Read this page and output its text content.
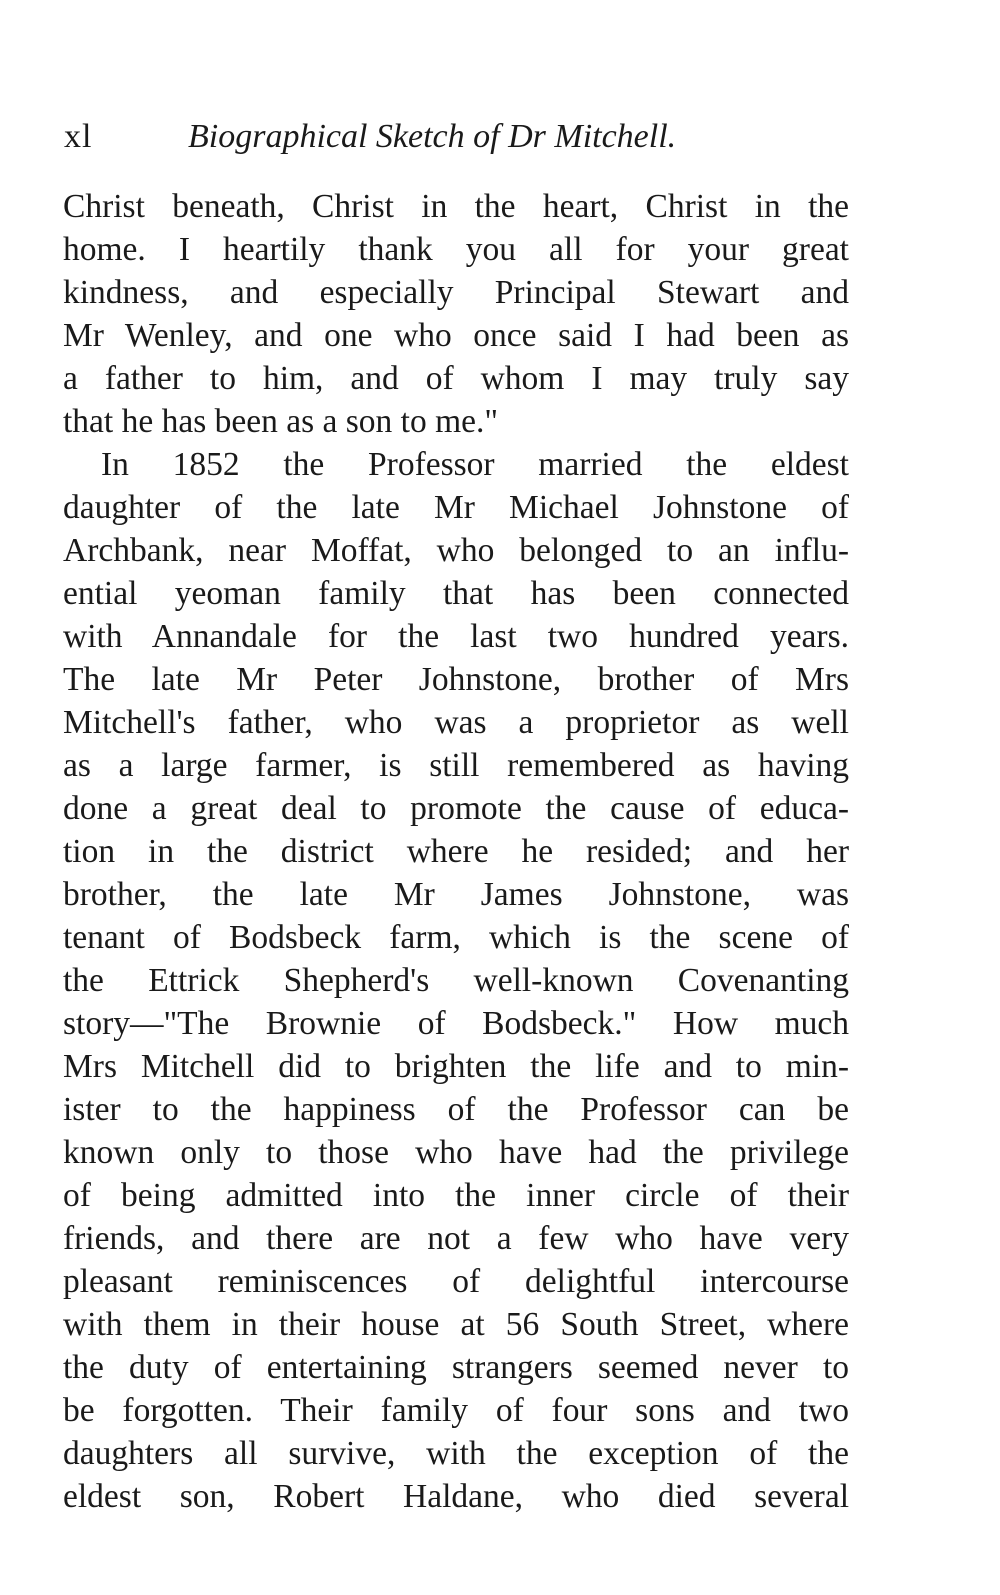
xl	Biographical Sketch of Dr Mitchell.
Christ beneath, Christ in the heart, Christ in the
home. I heartily thank you all for your great
kindness, and especially Principal Stewart and
Mr Wenley, and one who once said I had been as
a father to him, and of whom I may truly say
that he has been as a son to me."
In 1852 the Professor married the eldest
daughter of the late Mr Michael Johnstone of
Archbank, near Moffat, who belonged to an influ-
ential yeoman family that has been connected
with Annandale for the last two hundred years.
The late Mr Peter Johnstone, brother of Mrs
Mitchell's father, who was a proprietor as well
as a large farmer, is still remembered as having
done a great deal to promote the cause of educa-
tion in the district where he resided; and her
brother, the late Mr James Johnstone, was
tenant of Bodsbeck farm, which is the scene of
the Ettrick Shepherd's well-known Covenanting
story—"The Brownie of Bodsbeck." How much
Mrs Mitchell did to brighten the life and to min-
ister to the happiness of the Professor can be
known only to those who have had the privilege
of being admitted into the inner circle of their
friends, and there are not a few who have very
pleasant reminiscences of delightful intercourse
with them in their house at 56 South Street, where
the duty of entertaining strangers seemed never to
be forgotten. Their family of four sons and two
daughters all survive, with the exception of the
eldest son, Robert Haldane, who died several
